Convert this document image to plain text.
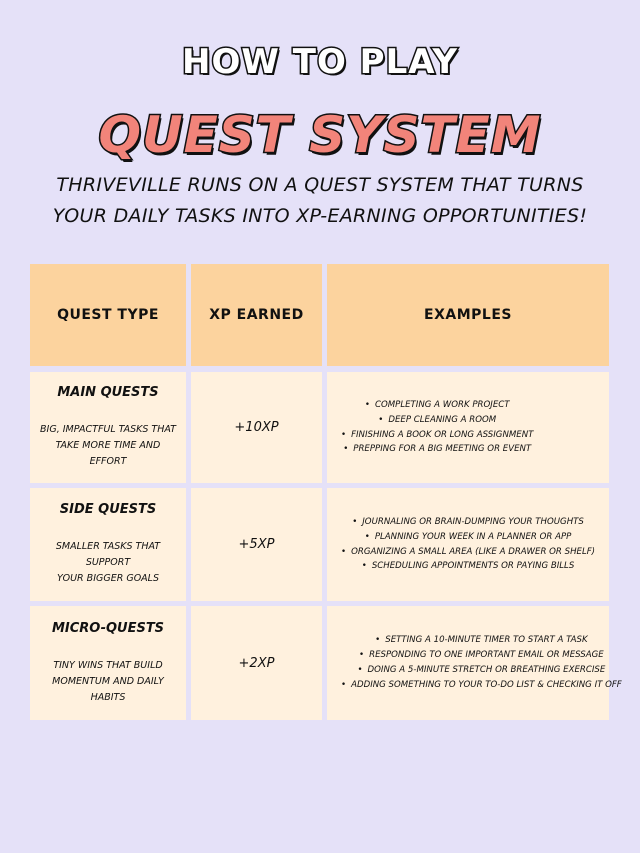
HOW TO PLAY
QUEST SYSTEM
THRIVEVILLE RUNS ON A QUEST SYSTEM THAT TURNS
YOUR DAILY TASKS INTO XP-EARNING OPPORTUNITIES!
QUEST TYPE	XP EARNED	EXAMPLES
MAIN QUESTS
BIG, IMPACTFUL TASKS THAT
TAKE MORE TIME AND EFFORT
+10XP
• COMPLETING A WORK PROJECT
• DEEP CLEANING A ROOM
• FINISHING A BOOK OR LONG ASSIGNMENT
• PREPPING FOR A BIG MEETING OR EVENT
SIDE QUESTS
SMALLER TASKS THAT SUPPORT
YOUR BIGGER GOALS
+5XP
• JOURNALING OR BRAIN-DUMPING YOUR THOUGHTS
• PLANNING YOUR WEEK IN A PLANNER OR APP
• ORGANIZING A SMALL AREA (LIKE A DRAWER OR SHELF)
• SCHEDULING APPOINTMENTS OR PAYING BILLS
MICRO-QUESTS
TINY WINS THAT BUILD
MOMENTUM AND DAILY HABITS
+2XP
• SETTING A 10-MINUTE TIMER TO START A TASK
• RESPONDING TO ONE IMPORTANT EMAIL OR MESSAGE
• DOING A 5-MINUTE STRETCH OR BREATHING EXERCISE
• ADDING SOMETHING TO YOUR TO-DO LIST & CHECKING IT OFF
